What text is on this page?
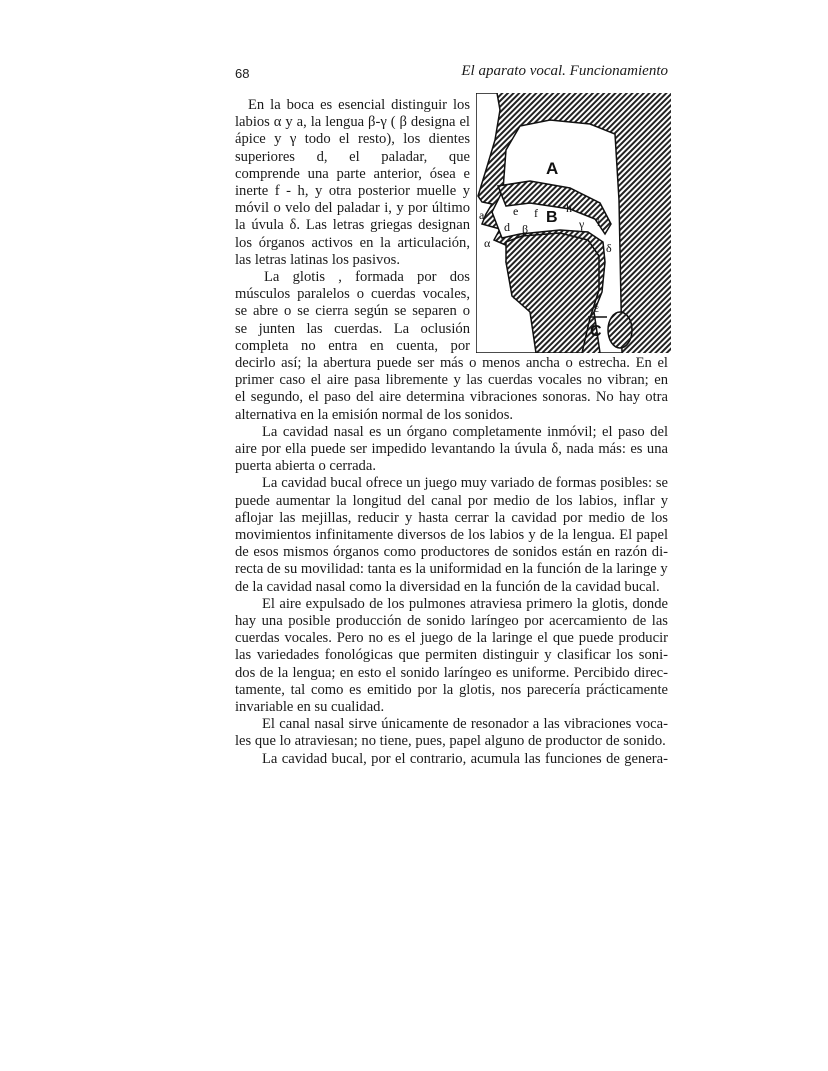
68	El aparato vocal. Funcionamiento
En la boca es esencial distinguir los
labios α y a, la lengua β-γ ( β designa el
ápice y γ todo el resto), los dientes
superiores d, el paladar, que
comprende una parte anterior, ósea e
inerte f - h, y otra posterior muelle y
móvil o velo del paladar i, y por último
la úvula δ. Las letras griegas designan
los órganos activos en la articulación,
las letras latinas los pasivos.
La glotis , formada por dos
músculos paralelos o cuerdas vocales,
se abre o se cierra según se separen o
se junten las cuerdas. La oclusión
completa no entra en cuenta, por
decirlo así; la abertura puede ser más o menos ancha o estrecha. En el
primer caso el aire pasa libremente y las cuerdas vocales no vibran; en
el segundo, el paso del aire determina vibraciones sonoras. No hay otra
alternativa en la emisión normal de los sonidos.
La cavidad nasal es un órgano completamente inmóvil; el paso del
aire por ella puede ser impedido levantando la úvula δ, nada más: es una
puerta abierta o cerrada.
La cavidad bucal ofrece un juego muy variado de formas posibles: se
puede aumentar la longitud del canal por medio de los labios, inflar y
aflojar las mejillas, reducir y hasta cerrar la cavidad por medio de los
movimientos infinitamente diversos de los labios y de la lengua. El papel
de esos mismos órganos como productores de sonidos están en razón di-
recta de su movilidad: tanta es la uniformidad en la función de la laringe y
de la cavidad nasal como la diversidad en la función de la cavidad bucal.
El aire expulsado de los pulmones atraviesa primero la glotis, donde
hay una posible producción de sonido laríngeo por acercamiento de las
cuerdas vocales. Pero no es el juego de la laringe el que puede producir
las variedades fonológicas que permiten distinguir y clasificar los soni-
dos de la lengua; en esto el sonido laríngeo es uniforme. Percibido direc-
tamente, tal como es emitido por la glotis, nos parecería prácticamente
invariable en su cualidad.
El canal nasal sirve únicamente de resonador a las vibraciones voca-
les que lo atraviesan; no tiene, pues, papel alguno de productor de sonido.
La cavidad bucal, por el contrario, acumula las funciones de genera-
A
B
C
a e f h
γ i
d β
α	δ
ε
